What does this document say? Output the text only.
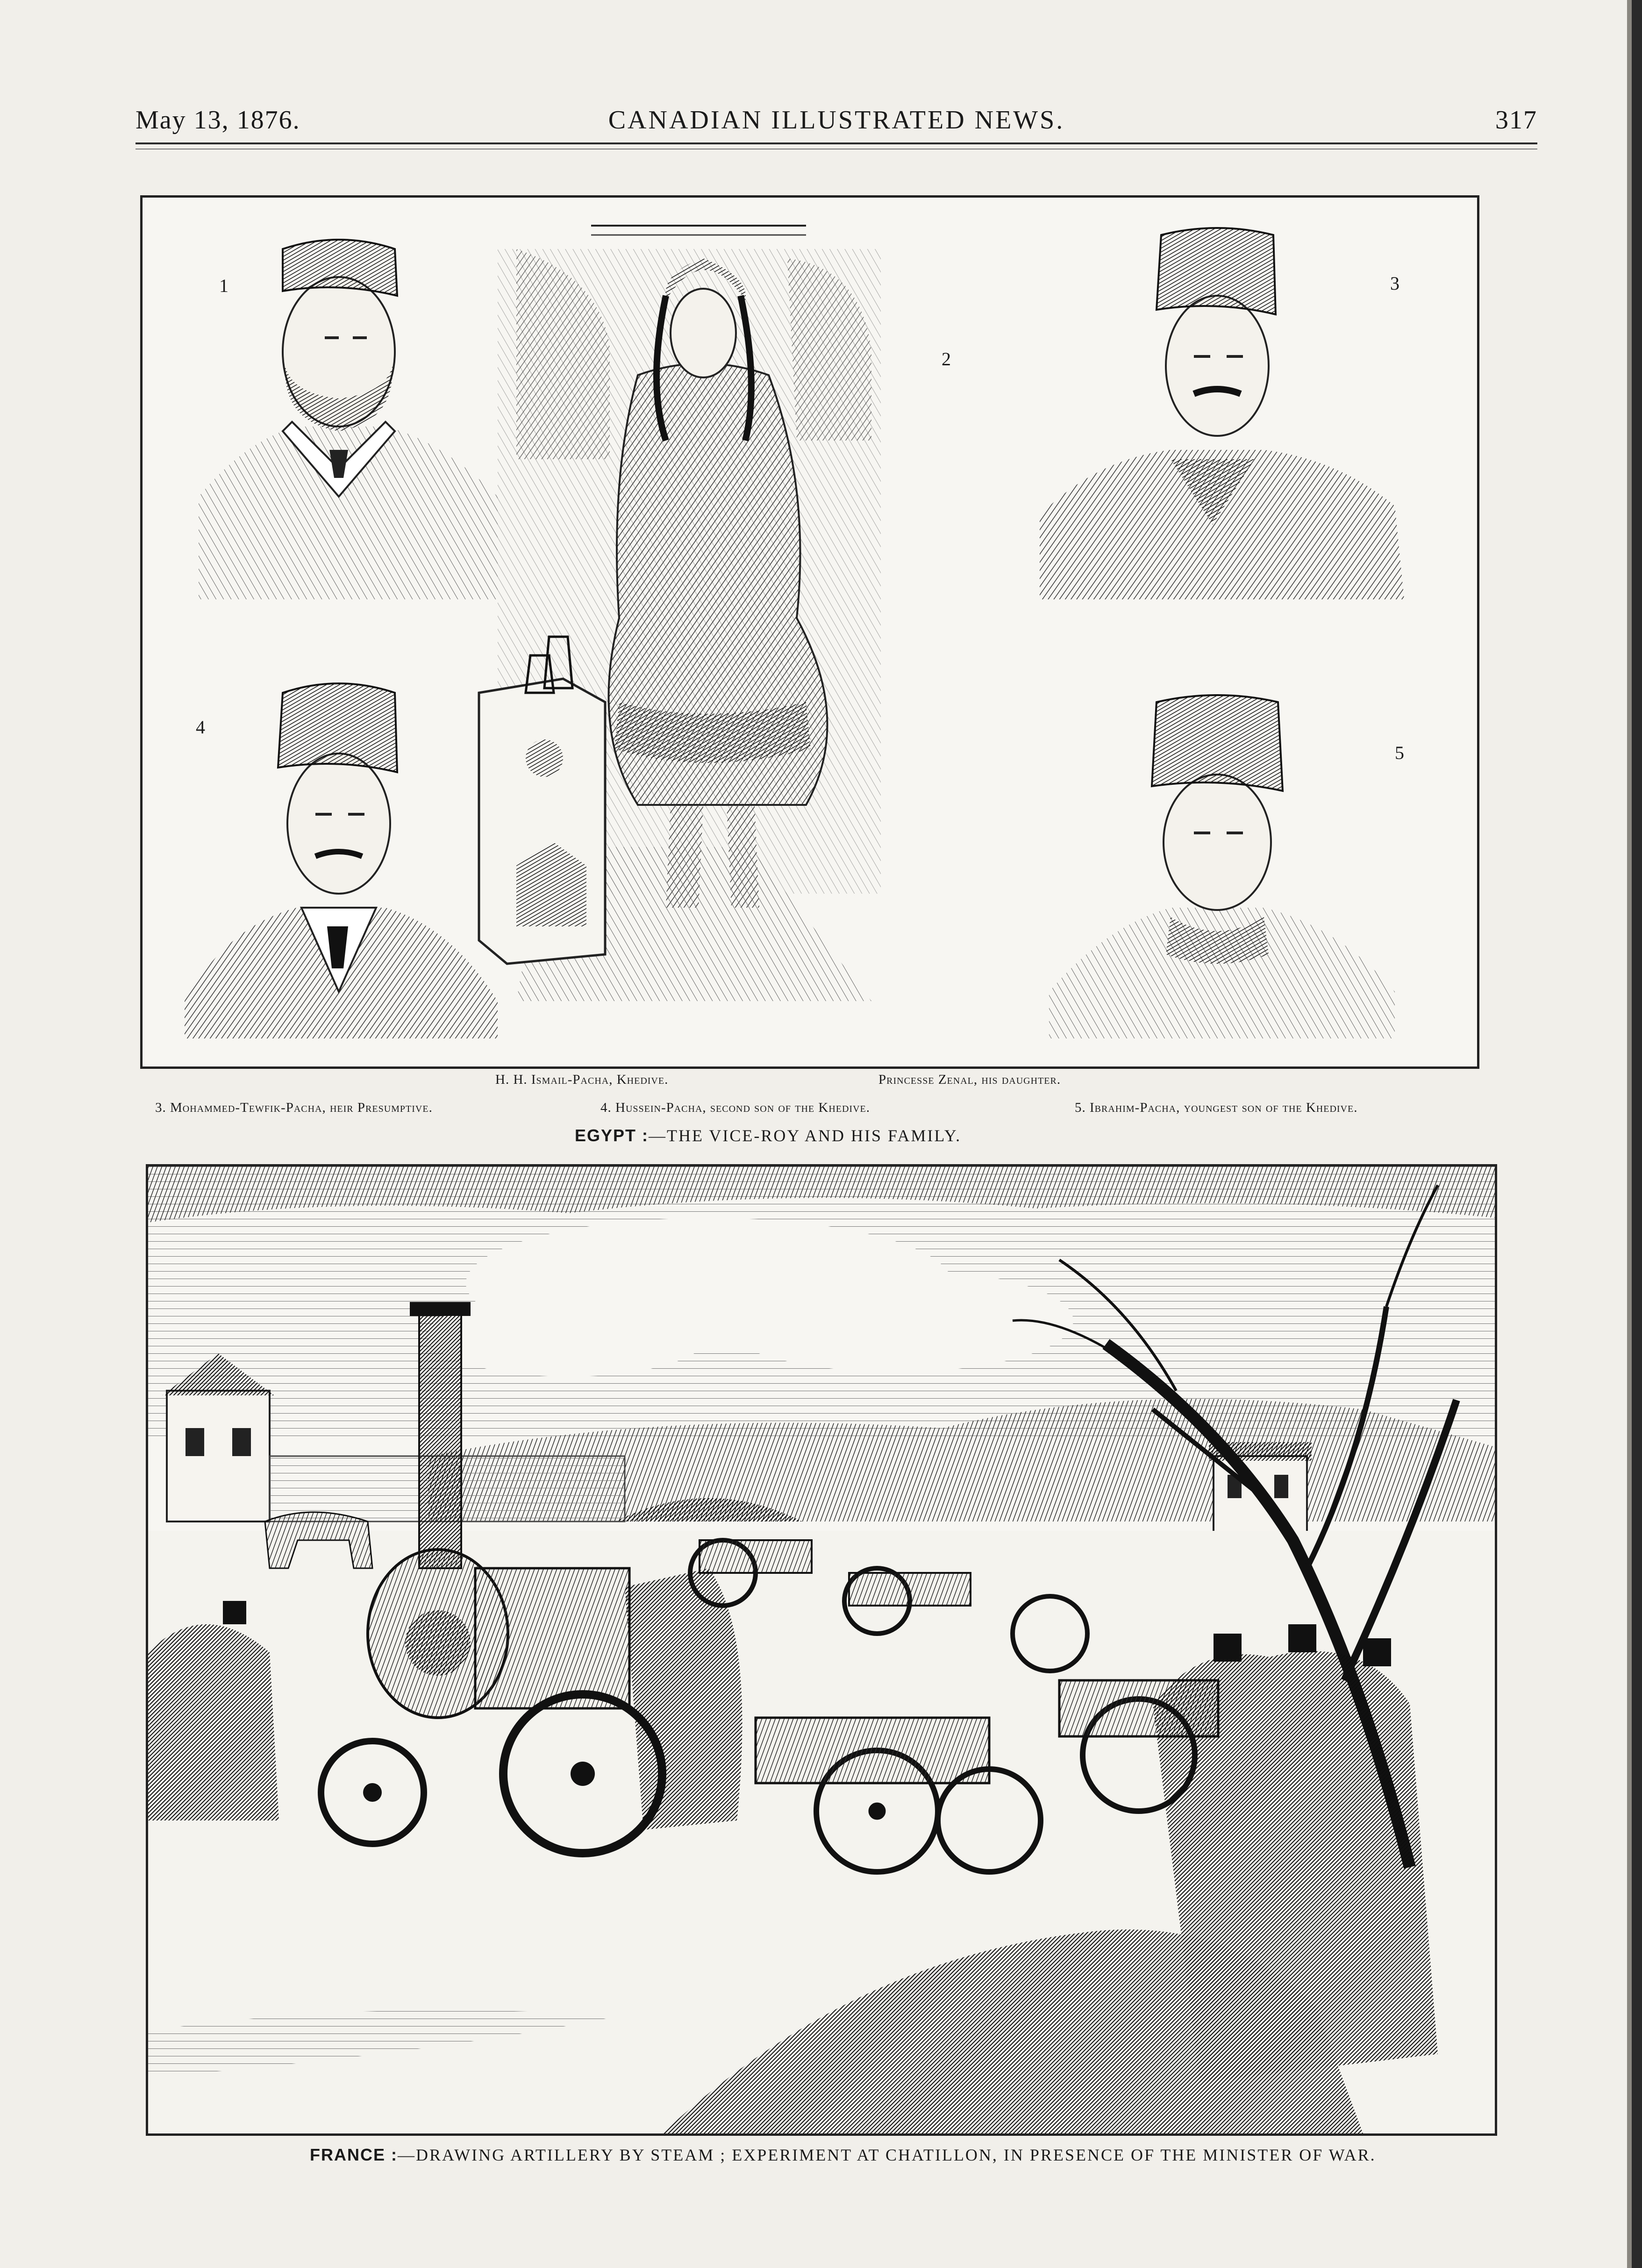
May 13, 1876.	CANADIAN ILLUSTRATED NEWS.	317
1
2
3
4
5
H. H. Ismail-Pacha, Khedive.	Princesse Zenal, his daughter.
3. Mohammed-Tewfik-Pacha, heir Presumptive.	4. Hussein-Pacha, second son of the Khedive.	5. Ibrahim-Pacha, youngest son of the Khedive.
EGYPT :—THE VICE-ROY AND HIS FAMILY.
FRANCE :—DRAWING ARTILLERY BY STEAM ; EXPERIMENT AT CHATILLON, IN PRESENCE OF THE MINISTER OF WAR.
